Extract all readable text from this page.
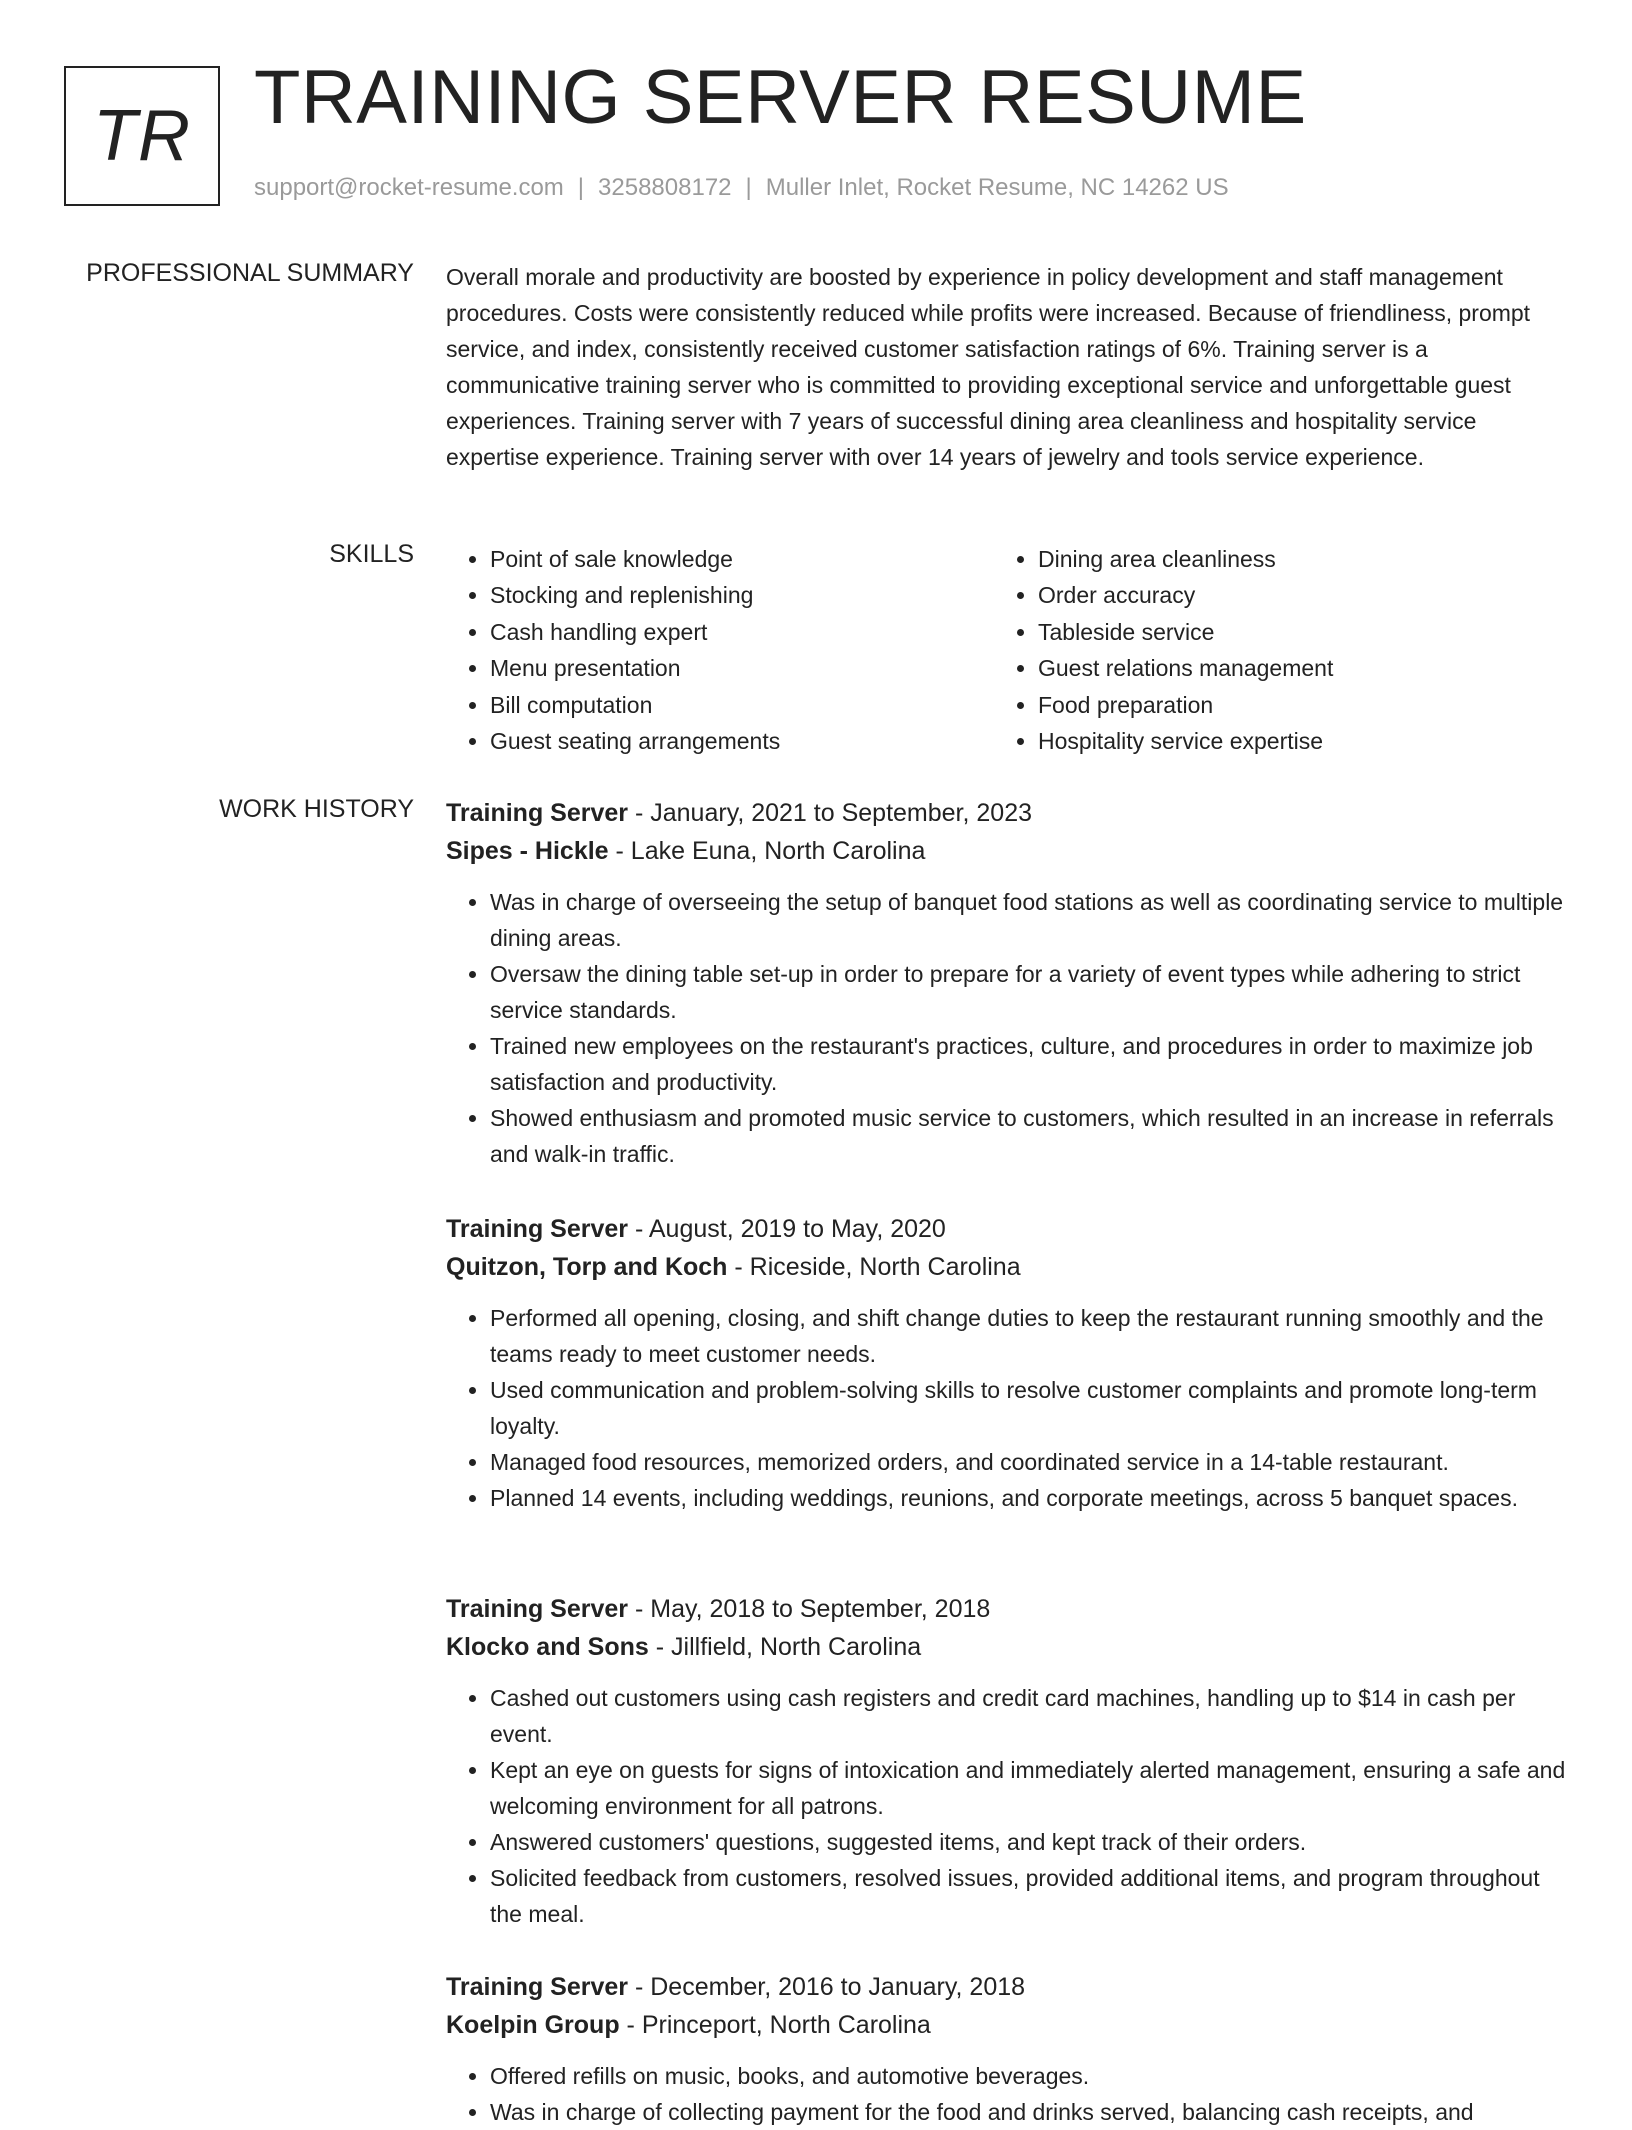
TR TRAINING SERVER RESUME
support@rocket-resume.com | 3258808172 | Muller Inlet, Rocket Resume, NC 14262 US
PROFESSIONAL SUMMARY Overall morale and productivity are boosted by experience in policy development and staff management procedures. Costs were consistently reduced while profits were increased. Because of friendliness, prompt service, and index, consistently received customer satisfaction ratings of 6%. Training server is a communicative training server who is committed to providing exceptional service and unforgettable guest experiences. Training server with 7 years of successful dining area cleanliness and hospitality service expertise experience. Training server with over 14 years of jewelry and tools service experience.
SKILLS
•	Point of sale knowledge
• Stocking and replenishing
• Cash handling expert
• Menu presentation
• Bill computation
• Guest seating arrangements
• Dining area cleanliness
• Order accuracy
• Tableside service
• Guest relations management
• Food preparation
• Hospitality service expertise
WORK HISTORY Training Server - January, 2021 to September, 2023
Sipes - Hickle - Lake Euna, North Carolina
• Was in charge of overseeing the setup of banquet food stations as well as coordinating service to multiple dining areas.
• Oversaw the dining table set-up in order to prepare for a variety of event types while adhering to strict service standards.
• Trained new employees on the restaurant's practices, culture, and procedures in order to maximize job satisfaction and productivity.
• Showed enthusiasm and promoted music service to customers, which resulted in an increase in referrals and walk-in traffic.
Training Server - August, 2019 to May, 2020
Quitzon, Torp and Koch - Riceside, North Carolina
• Performed all opening, closing, and shift change duties to keep the restaurant running smoothly and the teams ready to meet customer needs.
• Used communication and problem-solving skills to resolve customer complaints and promote long-term loyalty.
• Managed food resources, memorized orders, and coordinated service in a 14-table restaurant.
• Planned 14 events, including weddings, reunions, and corporate meetings, across 5 banquet spaces.
Training Server - May, 2018 to September, 2018
Klocko and Sons - Jillfield, North Carolina
• Cashed out customers using cash registers and credit card machines, handling up to $14 in cash per event.
• Kept an eye on guests for signs of intoxication and immediately alerted management, ensuring a safe and welcoming environment for all patrons.
• Answered customers' questions, suggested items, and kept track of their orders.
• Solicited feedback from customers, resolved issues, provided additional items, and program throughout the meal.
Training Server - December, 2016 to January, 2018
Koelpin Group - Princeport, North Carolina
• Offered refills on music, books, and automotive beverages.
• Was in charge of collecting payment for the food and drinks served, balancing cash receipts, and
